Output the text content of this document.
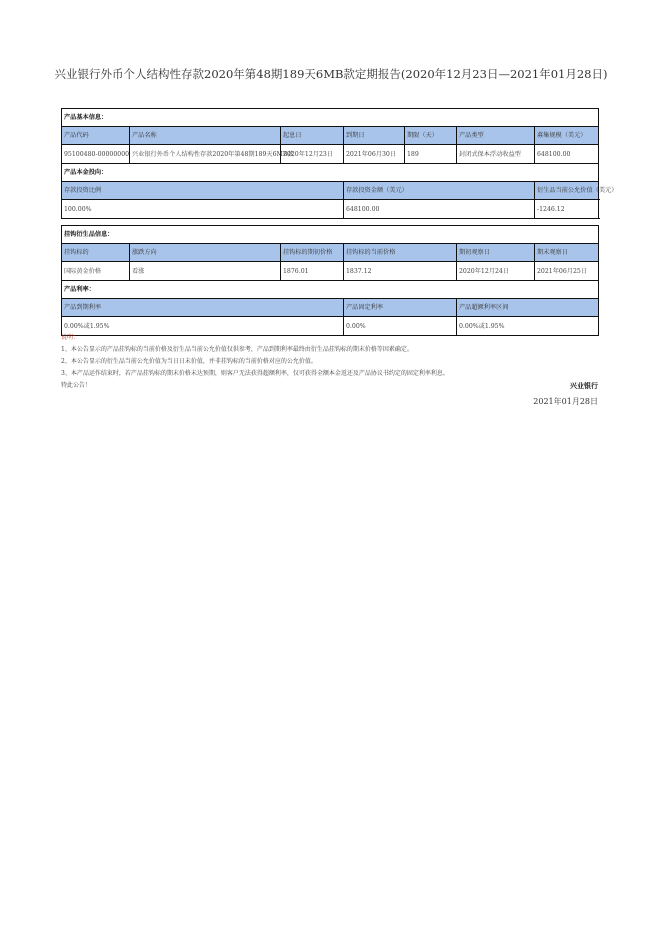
兴业银行外币个人结构性存款2020年第48期189天6MB款定期报告(2020年12月23日—2021年01月28日)
产品基本信息：						
产品代码	产品名称	起息日	到期日	期限（天）	产品类型	募集规模（美元）
95100480-00000000	兴业银行外币个人结构性存款2020年第48期189天6MB款	2020年12月23日	2021年06月30日	189	封闭式保本浮动收益型	648100.00
产品本金投向：						
存款投资比例			存款投资金额（美元）			衍生品当前公允价值（美元）
100.00%			648100.00			-1246.12
挂钩衍生品信息：					
挂钩标的	涨跌方向	挂钩标的期初价格	挂钩标的当前价格	期初观察日	期末观察日
国际黄金价格	看涨	1876.01	1837.12	2020年12月24日	2021年06月25日
产品利率：					
产品到期利率			产品固定利率	产品超额利率区间	
0.00%或1.95%			0.00%	0.00%或1.95%	
说明：
1、本公告显示的产品挂钩标的当前价格及衍生品当前公允价值仅供参考，产品到期利率最终由衍生品挂钩标的期末价格等因素确定。
2、本公告显示的衍生品当前公允价值为当日日末价值，并非挂钩标的当前价格对应的公允价值。
3、本产品运作结束时，若产品挂钩标的期末价格未达预期，则客户无法获得超额利率，仅可获得全额本金返还及产品协议书约定的固定利率利息。
特此公告！	兴业银行
2021年01月28日
